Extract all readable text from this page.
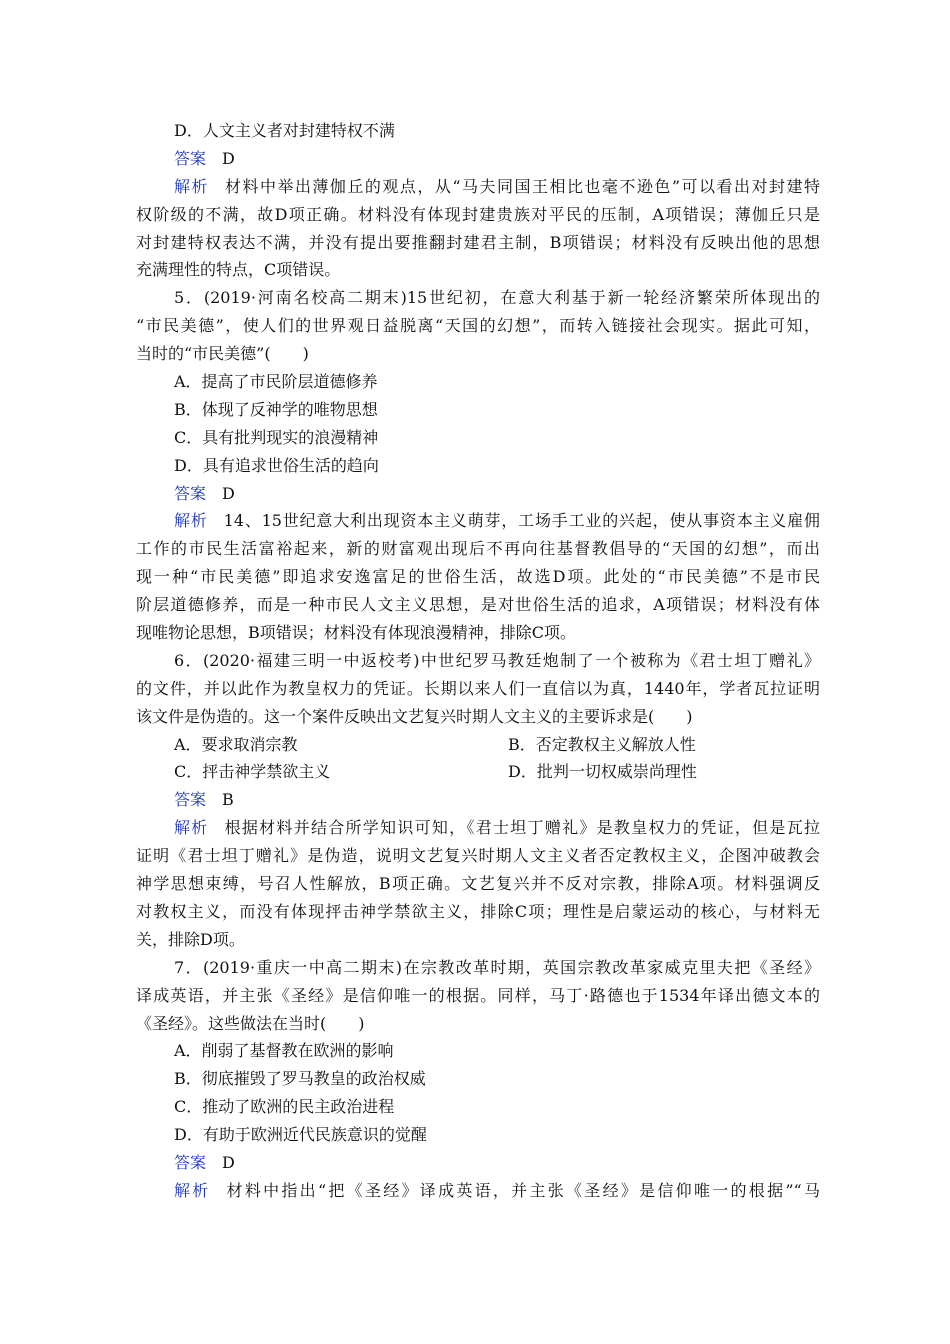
D．人文主义者对封建特权不满
答案 D
解析 材料中举出薄伽丘的观点，从“马夫同国王相比也毫不逊色”可以看出对封建特
权阶级的不满，故D项正确。材料没有体现封建贵族对平民的压制，A项错误；薄伽丘只是
对封建特权表达不满，并没有提出要推翻封建君主制，B项错误；材料没有反映出他的思想
充满理性的特点，C项错误。
5．(2019·河南名校高二期末)15世纪初，在意大利基于新一轮经济繁荣所体现出的
“市民美德”，使人们的世界观日益脱离“天国的幻想”，而转入链接社会现实。据此可知，
当时的“市民美德”(　　)
A．提高了市民阶层道德修养
B．体现了反神学的唯物思想
C．具有批判现实的浪漫精神
D．具有追求世俗生活的趋向
答案 D
解析 14、15世纪意大利出现资本主义萌芽，工场手工业的兴起，使从事资本主义雇佣
工作的市民生活富裕起来，新的财富观出现后不再向往基督教倡导的“天国的幻想”，而出
现一种“市民美德”即追求安逸富足的世俗生活，故选D项。此处的“市民美德”不是市民
阶层道德修养，而是一种市民人文主义思想，是对世俗生活的追求，A项错误；材料没有体
现唯物论思想，B项错误；材料没有体现浪漫精神，排除C项。
6．(2020·福建三明一中返校考)中世纪罗马教廷炮制了一个被称为《君士坦丁赠礼》
的文件，并以此作为教皇权力的凭证。长期以来人们一直信以为真，1440年，学者瓦拉证明
该文件是伪造的。这一个案件反映出文艺复兴时期人文主义的主要诉求是(　　)
A．要求取消宗教	B．否定教权主义解放人性
C．抨击神学禁欲主义	D．批判一切权威崇尚理性
答案 B
解析 根据材料并结合所学知识可知，《君士坦丁赠礼》是教皇权力的凭证，但是瓦拉
证明《君士坦丁赠礼》是伪造，说明文艺复兴时期人文主义者否定教权主义，企图冲破教会
神学思想束缚，号召人性解放，B项正确。文艺复兴并不反对宗教，排除A项。材料强调反
对教权主义，而没有体现抨击神学禁欲主义，排除C项；理性是启蒙运动的核心，与材料无
关，排除D项。
7．(2019·重庆一中高二期末)在宗教改革时期，英国宗教改革家威克里夫把《圣经》
译成英语，并主张《圣经》是信仰唯一的根据。同样，马丁·路德也于1534年译出德文本的
《圣经》。这些做法在当时(　　)
A．削弱了基督教在欧洲的影响
B．彻底摧毁了罗马教皇的政治权威
C．推动了欧洲的民主政治进程
D．有助于欧洲近代民族意识的觉醒
答案 D
解析 材料中指出“把《圣经》译成英语，并主张《圣经》是信仰唯一的根据”“马
